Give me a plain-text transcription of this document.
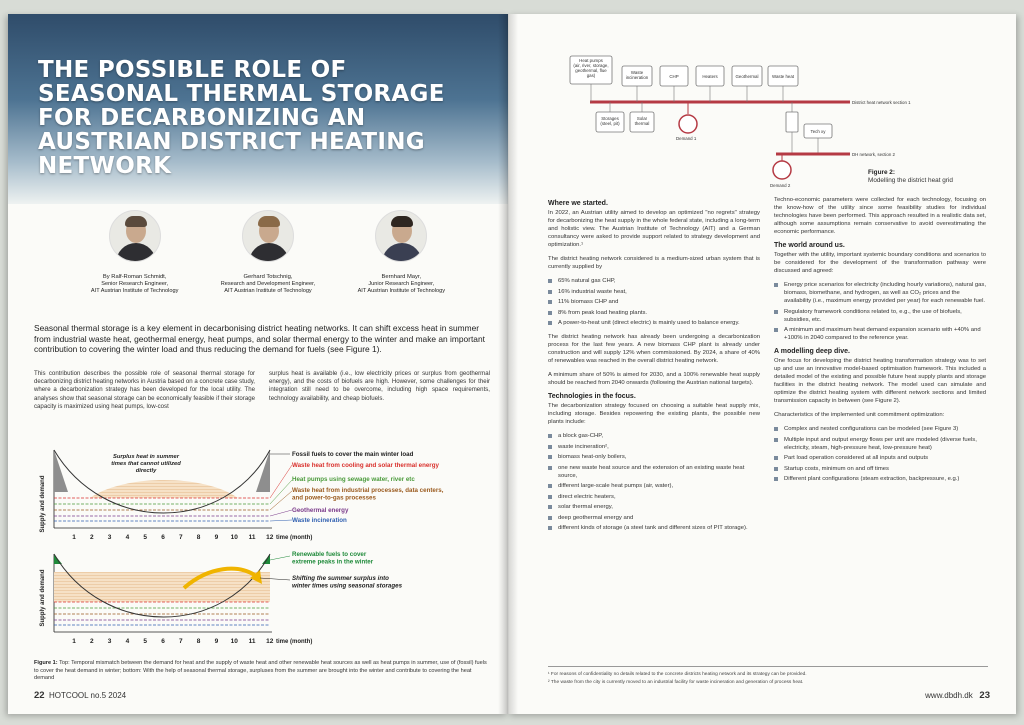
THE POSSIBLE ROLE OF SEASONAL THERMAL STORAGE FOR DECARBONIZING AN AUSTRIAN DISTRICT HEATING NETWORK
By Ralf-Roman Schmidt,
Senior Research Engineer,
AIT Austrian Institute of Technology
Gerhard Totschnig,
Research and Development Engineer,
AIT Austrian Institute of Technology
Bernhard Mayr,
Junior Research Engineer,
AIT Austrian Institute of Technology
Seasonal thermal storage is a key element in decarbonising district heating networks. It can shift excess heat in summer from industrial waste heat, geothermal energy, heat pumps, and solar thermal energy to the winter and make an important contribution to covering the winter load and thus reducing the demand for fuels (see Figure 1).
This contribution describes the possible role of seasonal thermal storage for decarbonizing district heating networks in Austria based on a concrete case study, where a decarbonization strategy has been developed for the local utility. The analyses show that seasonal storage can be economically feasible if their storage capacity is maximized using heat pumps, low-cost
surplus heat is available (i.e., low electricity prices or surplus from geothermal energy), and the costs of biofuels are high. However, some challenges for their integration still need to be overcome, including high space requirements, technology availability, and cheap biofuels.
Supply and demand
Surplus heat in summer
times that cannot utilized
directly
1 2 3 4 5 6 7 8 9 10 11 12 time (month)
Fossil fuels to cover the main winter load
Waste heat from cooling and solar thermal energy
Heat pumps using sewage water, river etc
Waste heat from industrial processes, data centers, and power-to-gas processes
Geothermal energy
Waste incineration
Supply and demand
1 2 3 4 5 6 7 8 9 10 11 12 time (month)
Renewable fuels to cover extreme peaks in the winter
Shifting the summer surplus into winter times using seasonal storages
Figure 1: Top: Temporal mismatch between the demand for heat and the supply of waste heat and other renewable heat sources as well as heat pumps in summer, use of (fossil) fuels to cover the heat demand in winter; bottom: With the help of seasonal thermal storage, surpluses from the summer are brought into the winter and contribute to covering the heat demand
22 HOTCOOL no.5 2024
District heat network section 1
Heat pumps (air, river, storage, geothermal, flue gas)
Waste incineration	CHP	Heaters	Geothermal	Waste heat
Storages (steel, pit)
Solar thermal
Demand 1
Tech xy
DH network, section 2
Demand 2
Figure 2:
Modelling the district heat grid
Where we started.

In 2022, an Austrian utility aimed to develop an optimized "no regrets" strategy for decarbonizing the heat supply in the whole federal state, including a long-term and holistic view. The Austrian Institute of Technology (AIT) and a German consultancy were asked to provide support related to strategy development and optimization.¹

The district heating network considered is a medium-sized urban system that is currently supplied by

65% natural gas CHP,
16% industrial waste heat,
11% biomass CHP and
8% from peak load heating plants.
A power-to-heat unit (direct electric) is mainly used to balance energy.

The district heating network has already been undergoing a decarbonization process for the last few years. A new biomass CHP plant is already under construction and will supply 12% when commissioned. By 2024, a share of 40% of renewables was reached in the overall district heating network.

A minimum share of 50% is aimed for 2030, and a 100% renewable heat supply should be reached from 2040 onwards (following the Austrian national targets).

Technologies in the focus.

The decarbonization strategy focused on choosing a suitable heat supply mix, including storage. Besides repowering the existing plants, the possible new plants include:

a block gas-CHP,
waste incineration²,
biomass heat-only boilers,
one new waste heat source and the extension of an existing waste heat source,
different large-scale heat pumps (air, water),
direct electric heaters,
solar thermal energy,
deep geothermal energy and
different kinds of storage (a steel tank and different sizes of PIT storage).

Techno-economic parameters were collected for each technology, focusing on the know-how of the utility since some feasibility studies for individual technologies have been performed. This approach resulted in a realistic data set, although some assumptions remain conservative to avoid overestimating the economic performance.

The world around us.

Together with the utility, important systemic boundary conditions and scenarios to be considered for the development of the transformation pathway were discussed and agreed:

Energy price scenarios for electricity (including hourly variations), natural gas, biomass, biomethane, and hydrogen, as well as CO₂ prices and the availability (i.e., maximum energy provided per year) for each renewable fuel.
Regulatory framework conditions related to, e.g., the use of biofuels, subsidies, etc.
A minimum and maximum heat demand expansion scenario with +40% and +100% in 2040 compared to the reference year.
A modelling deep dive.

One focus for developing the district heating transformation strategy was to set up and use an innovative model-based optimisation framework. This included a detailed model of the existing and possible future heat supply plants and storage facilities in the district heating network. The model used can simulate and optimize the district heating system with different network sections and limited transmission capacity in between (see Figure 2).

Characteristics of the implemented unit commitment optimization:

Complex and nested configurations can be modeled (see Figure 3)
Multiple input and output energy flows per unit are modeled (diverse fuels, electricity, steam, high-pressure heat, low-pressure heat)
Part load operation considered at all inputs and outputs
Startup costs, minimum on and off times
Different plant configurations (steam extraction, backpressure, e.g.)
¹ For reasons of confidentiality no details related to the concrete districts heating network and its strategy can be provided.
² The waste from the city is currently moved to an industrial facility for waste incineration and generation of process heat.
www.dbdh.dk 23
